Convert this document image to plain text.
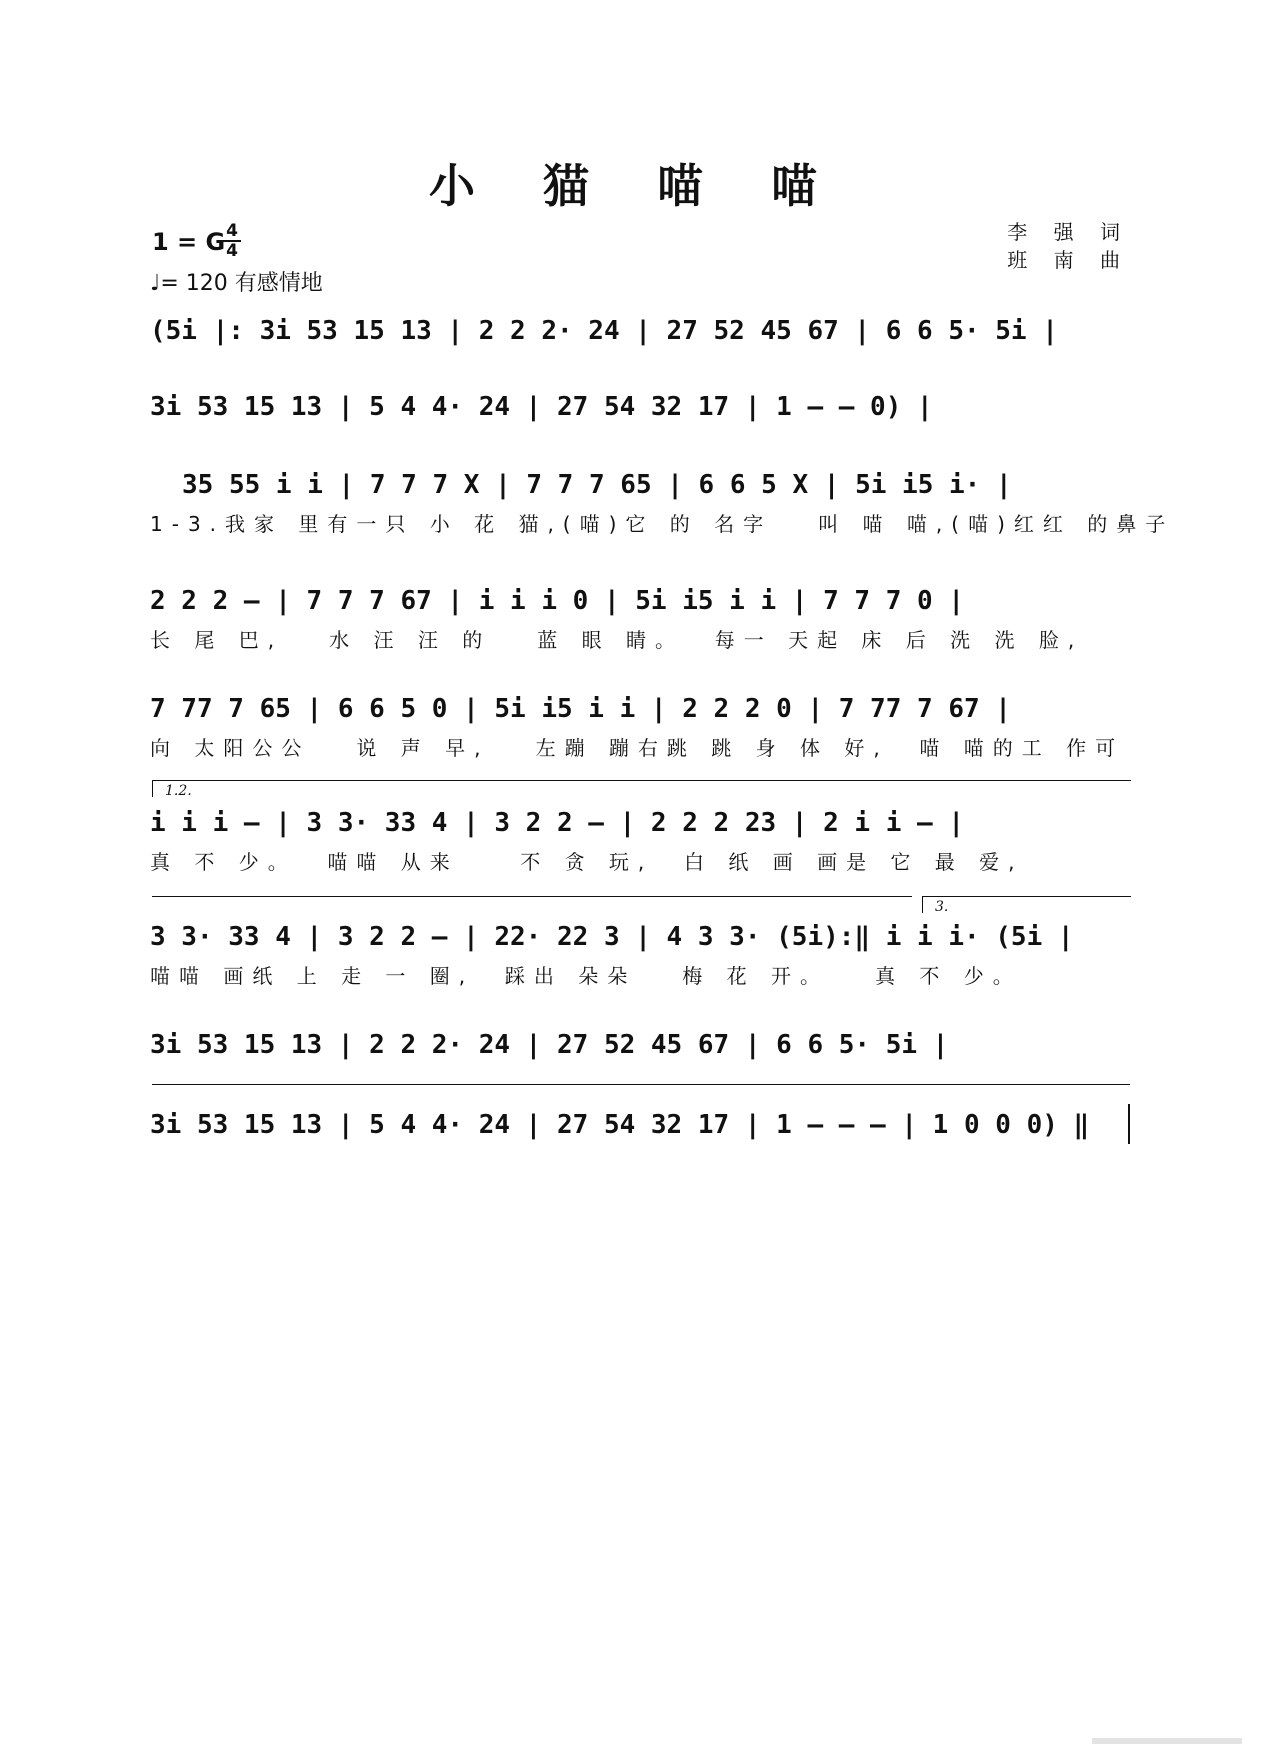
小 猫 喵 喵
1 = G 4
4
♩= 120 有感情地
李 强 词
班 南 曲
(5i |: 3i 53 15 13 | 2 2 2· 24 | 27 52 45 67 | 6 6 5· 5i |
3i 53 15 13 | 5 4 4· 24 | 27 54 32 17 | 1 – – 0) |
35 55 i i | 7 7 7 X | 7 7 7 65 | 6 6 5 X | 5i i5 i· |
1-3.我家 里有一只 小 花 猫,(喵)它 的 名字   叫 喵 喵,(喵)红红 的鼻子
2 2 2 – | 7 7 7 67 | i i i 0 | 5i i5 i i | 7 7 7 0 |
长 尾 巴,   水 汪 汪 的   蓝 眼 睛。  每一 天起 床 后 洗 洗 脸,
7 77 7 65 | 6 6 5 0 | 5i i5 i i | 2 2 2 0 | 7 77 7 67 |
向 太阳公公   说 声 早,   左蹦 蹦右跳 跳 身 体 好,  喵 喵的工 作可
1.2.
i i i – | 3 3· 33 4 | 3 2 2 – | 2 2 2 23 | 2 i i – |
真 不 少。  喵喵 从来    不 贪 玩,  白 纸 画 画是 它 最 爱,
3.
3 3· 33 4 | 3 2 2 – | 22· 22 3 | 4 3 3· (5i):‖ i i i· (5i |
喵喵 画纸 上 走 一 圈,  踩出 朵朵   梅 花 开。   真 不 少。
3i 53 15 13 | 2 2 2· 24 | 27 52 45 67 | 6 6 5· 5i |
3i 53 15 13 | 5 4 4· 24 | 27 54 32 17 | 1 – – – | 1 0 0 0) ‖
